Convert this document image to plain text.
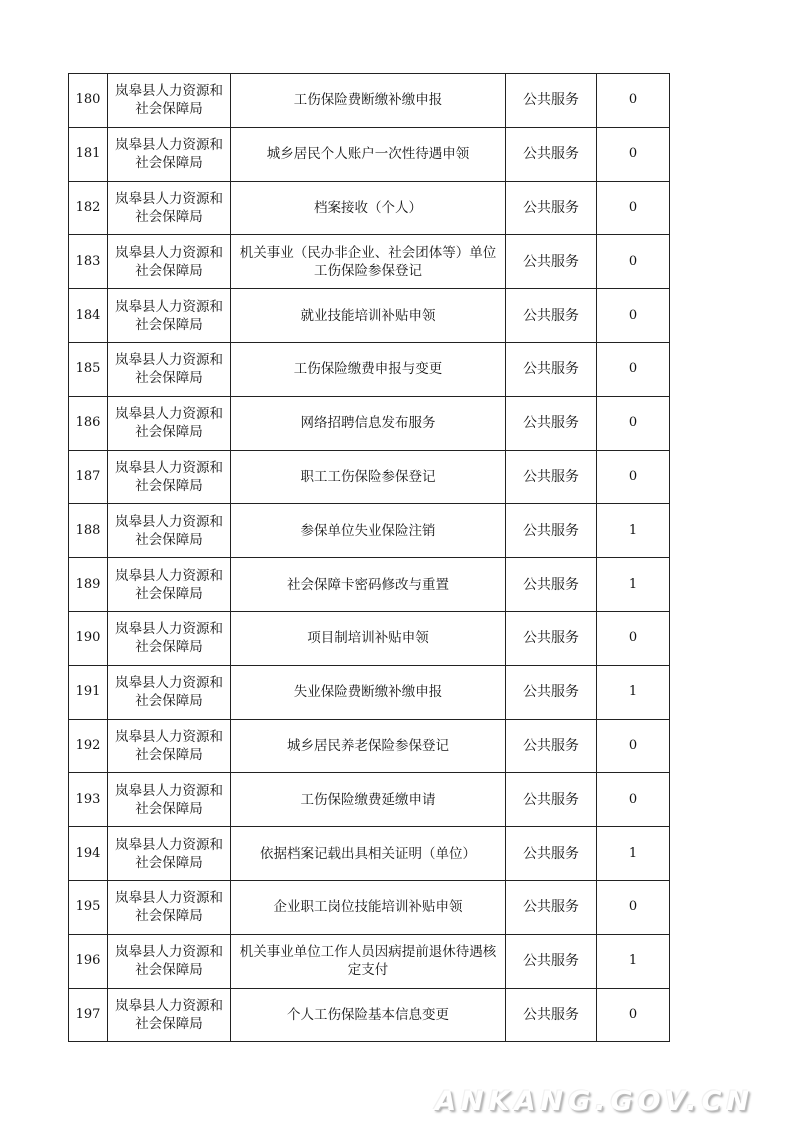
180	岚皋县人力资源和社会保障局	工伤保险费断缴补缴申报	公共服务	0
181	岚皋县人力资源和社会保障局	城乡居民个人账户一次性待遇申领	公共服务	0
182	岚皋县人力资源和社会保障局	档案接收（个人）	公共服务	0
183	岚皋县人力资源和社会保障局	机关事业（民办非企业、社会团体等）单位工伤保险参保登记	公共服务	0
184	岚皋县人力资源和社会保障局	就业技能培训补贴申领	公共服务	0
185	岚皋县人力资源和社会保障局	工伤保险缴费申报与变更	公共服务	0
186	岚皋县人力资源和社会保障局	网络招聘信息发布服务	公共服务	0
187	岚皋县人力资源和社会保障局	职工工伤保险参保登记	公共服务	0
188	岚皋县人力资源和社会保障局	参保单位失业保险注销	公共服务	1
189	岚皋县人力资源和社会保障局	社会保障卡密码修改与重置	公共服务	1
190	岚皋县人力资源和社会保障局	项目制培训补贴申领	公共服务	0
191	岚皋县人力资源和社会保障局	失业保险费断缴补缴申报	公共服务	1
192	岚皋县人力资源和社会保障局	城乡居民养老保险参保登记	公共服务	0
193	岚皋县人力资源和社会保障局	工伤保险缴费延缴申请	公共服务	0
194	岚皋县人力资源和社会保障局	依据档案记载出具相关证明（单位）	公共服务	1
195	岚皋县人力资源和社会保障局	企业职工岗位技能培训补贴申领	公共服务	0
196	岚皋县人力资源和社会保障局	机关事业单位工作人员因病提前退休待遇核定支付	公共服务	1
197	岚皋县人力资源和社会保障局	个人工伤保险基本信息变更	公共服务	0
ANKANG.GOV.CN
